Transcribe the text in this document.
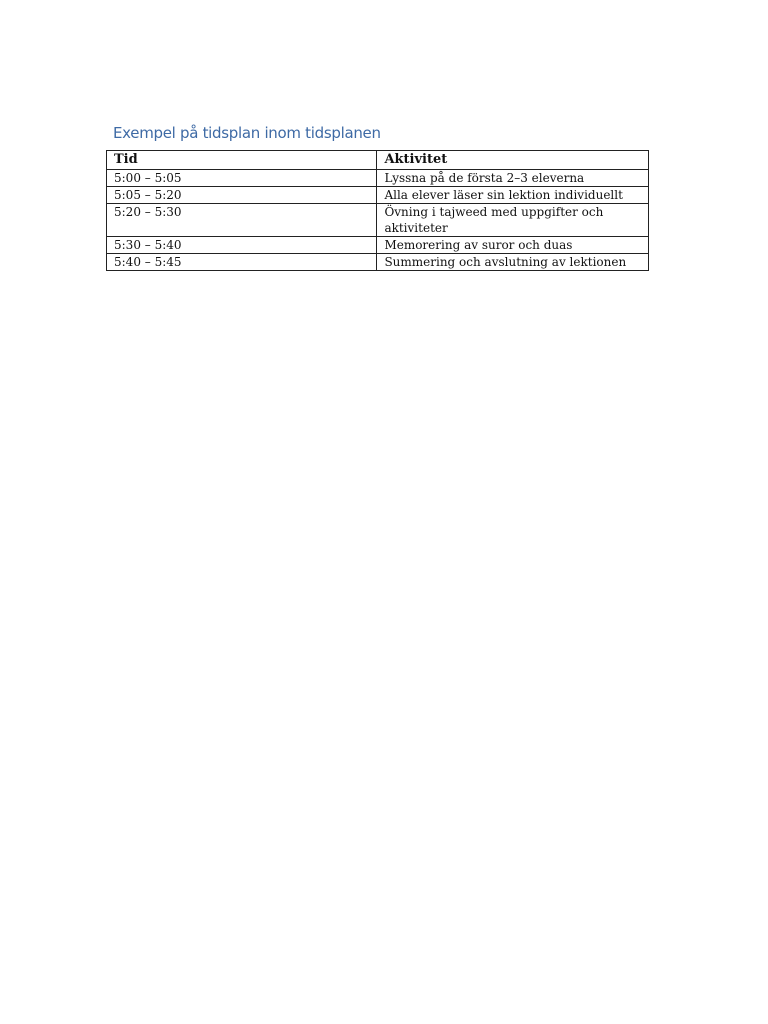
Exempel på tidsplan inom tidsplanen
Tid	Aktivitet
5:00 – 5:05	Lyssna på de första 2–3 eleverna
5:05 – 5:20	Alla elever läser sin lektion individuellt
5:20 – 5:30	Övning i tajweed med uppgifter och aktiviteter
5:30 – 5:40	Memorering av suror och duas
5:40 – 5:45	Summering och avslutning av lektionen
